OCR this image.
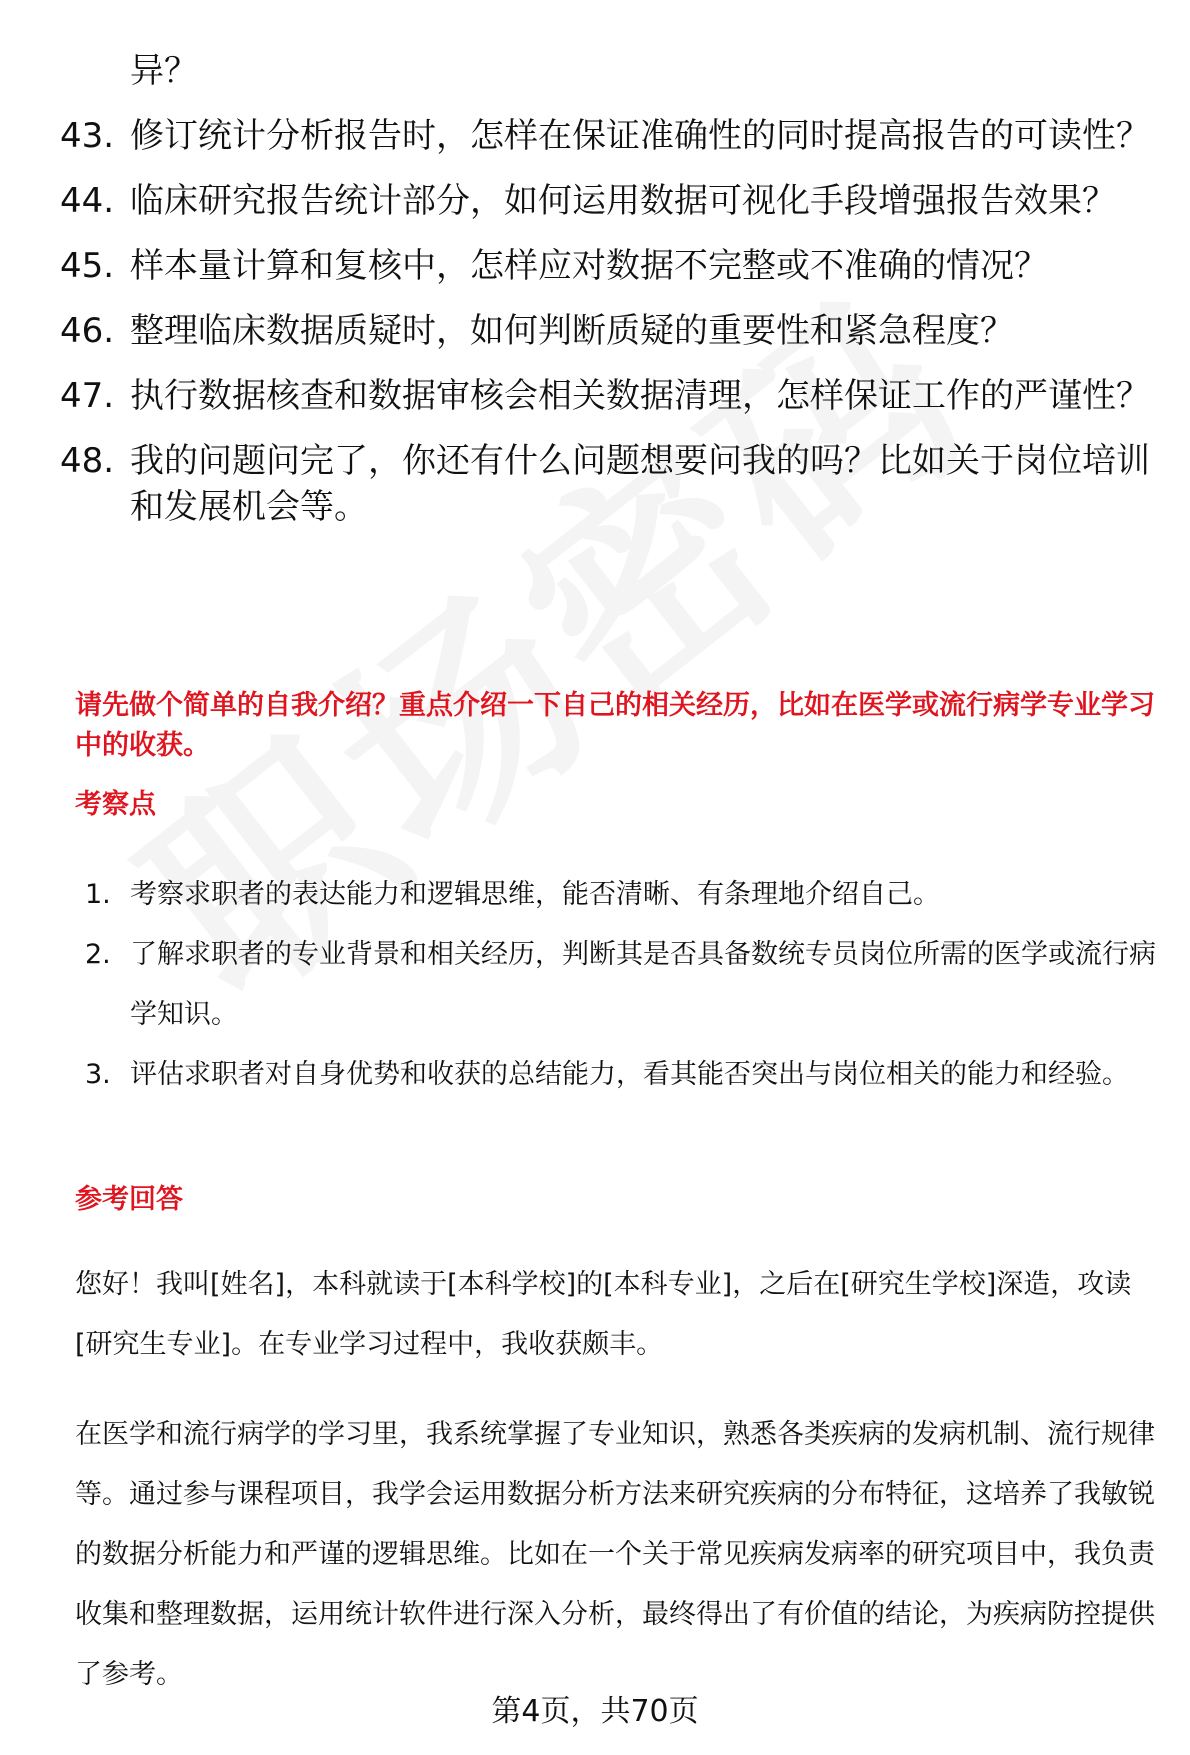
异？
43. 修订统计分析报告时，怎样在保证准确性的同时提高报告的可读性？
44. 临床研究报告统计部分，如何运用数据可视化手段增强报告效果？
45. 样本量计算和复核中，怎样应对数据不完整或不准确的情况？
46. 整理临床数据质疑时，如何判断质疑的重要性和紧急程度？
47. 执行数据核查和数据审核会相关数据清理，怎样保证工作的严谨性？
48. 我的问题问完了，你还有什么问题想要问我的吗？比如关于岗位培训和发展机会等。
请先做个简单的自我介绍？重点介绍一下自己的相关经历，比如在医学或流行病学专业学习中的收获。
考察点
1. 考察求职者的表达能力和逻辑思维，能否清晰、有条理地介绍自己。
2. 了解求职者的专业背景和相关经历，判断其是否具备数统专员岗位所需的医学或流行病学知识。
3. 评估求职者对自身优势和收获的总结能力，看其能否突出与岗位相关的能力和经验。
参考回答

您好！我叫[姓名]，本科就读于[本科学校]的[本科专业]，之后在[研究生学校]深造，攻读[研究生专业]。在专业学习过程中，我收获颇丰。

在医学和流行病学的学习里，我系统掌握了专业知识，熟悉各类疾病的发病机制、流行规律等。通过参与课程项目，我学会运用数据分析方法来研究疾病的分布特征，这培养了我敏锐的数据分析能力和严谨的逻辑思维。比如在一个关于常见疾病发病率的研究项目中，我负责收集和整理数据，运用统计软件进行深入分析，最终得出了有价值的结论，为疾病防控提供了参考。

第4页，共70页
